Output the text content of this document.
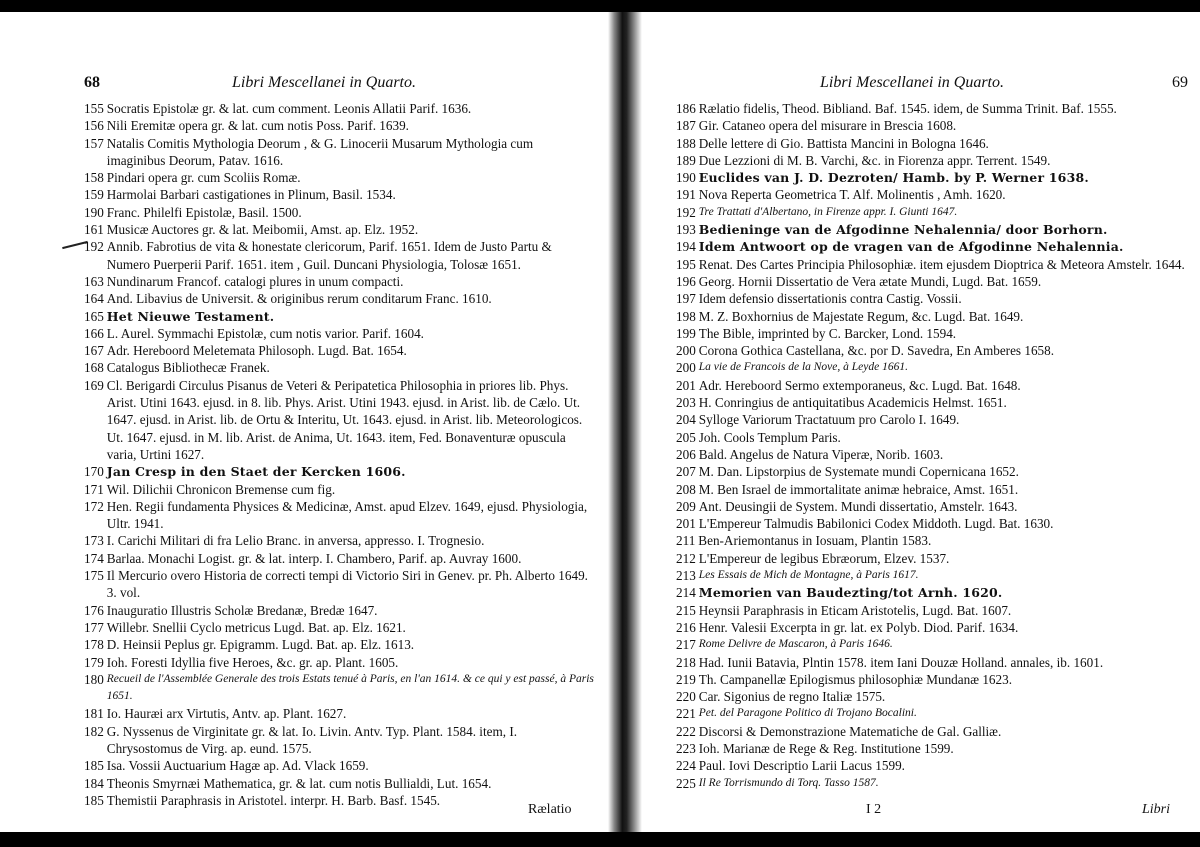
68	Libri Mescellanei in Quarto.
155 Socratis Epistolæ gr. & lat. cum comment. Leonis Allatii Parif. 1636.
156 Nili Eremitæ opera gr. & lat. cum notis Poss. Parif. 1639.
157 Natalis Comitis Mythologia Deorum , & G. Linocerii Musarum Mythologia cum imaginibus Deorum, Patav. 1616.
158 Pindari opera gr. cum Scoliis Romæ.
159 Harmolai Barbari castigationes in Plinum, Basil. 1534.
190 Franc. Philelfi Epistolæ, Basil. 1500.
161 Musicæ Auctores gr. & lat. Meibomii, Amst. ap. Elz. 1952.
192 Annib. Fabrotius de vita & honestate clericorum, Parif. 1651. Idem de Justo Partu & Numero Puerperii Parif. 1651. item , Guil. Duncani Physiologia, Tolosæ 1651.
163 Nundinarum Francof. catalogi plures in unum compacti.
164 And. Libavius de Universit. & originibus rerum conditarum Franc. 1610.
165 Het Nieuwe Testament.
166 L. Aurel. Symmachi Epistolæ, cum notis varior. Parif. 1604.
167 Adr. Hereboord Meletemata Philosoph. Lugd. Bat. 1654.
168 Catalogus Bibliothecæ Franek.
169 Cl. Berigardi Circulus Pisanus de Veteri & Peripatetica Philosophia in priores lib. Phys. Arist. Utini 1643. ejusd. in 8. lib. Phys. Arist. Utini 1943. ejusd. in Arist. lib. de Cælo. Ut. 1647. ejusd. in Arist. lib. de Ortu & Interitu, Ut. 1643. ejusd. in Arist. lib. Meteorologicos. Ut. 1647. ejusd. in M. lib. Arist. de Anima, Ut. 1643. item, Fed. Bonaventuræ opuscula varia, Urtini 1627.
170 Jan Cresp in den Staet der Kercken 1606.
171 Wil. Dilichii Chronicon Bremense cum fig.
172 Hen. Regii fundamenta Physices & Medicinæ, Amst. apud Elzev. 1649, ejusd. Physiologia, Ultr. 1941.
173 I. Carichi Militari di fra Lelio Branc. in anversa, appresso. I. Trognesio.
174 Barlaa. Monachi Logist. gr. & lat. interp. I. Chambero, Parif. ap. Auvray 1600.
175 Il Mercurio overo Historia de correcti tempi di Victorio Siri in Genev. pr. Ph. Alberto 1649. 3. vol.
176 Inauguratio Illustris Scholæ Bredanæ, Bredæ 1647.
177 Willebr. Snellii Cyclo metricus Lugd. Bat. ap. Elz. 1621.
178 D. Heinsii Peplus gr. Epigramm. Lugd. Bat. ap. Elz. 1613.
179 Ioh. Foresti Idyllia five Heroes, &c. gr. ap. Plant. 1605.
180 Recueil de l'Assemblée Generale des trois Estats tenué à Paris, en l'an 1614. & ce qui y est passé, à Paris 1651.
181 Io. Hauræi arx Virtutis, Antv. ap. Plant. 1627.
182 G. Nyssenus de Virginitate gr. & lat. Io. Livin. Antv. Typ. Plant. 1584. item, I. Chrysostomus de Virg. ap. eund. 1575.
185 Isa. Vossii Auctuarium Hagæ ap. Ad. Vlack 1659.
184 Theonis Smyrnæi Mathematica, gr. & lat. cum notis Bullialdi, Lut. 1654.
185 Themistii Paraphrasis in Aristotel. interpr. H. Barb. Basf. 1545.
Rælatio
Libri Mescellanei in Quarto.	69
186 Rælatio fidelis, Theod. Bibliand. Baf. 1545. idem, de Summa Trinit. Baf. 1555.
187 Gir. Cataneo opera del misurare in Brescia 1608.
188 Delle lettere di Gio. Battista Mancini in Bologna 1646.
189 Due Lezzioni di M. B. Varchi, &c. in Fiorenza appr. Terrent. 1549.
190 Euclides van J. D. Dezroten/ Hamb. by P. Werner 1638.
191 Nova Reperta Geometrica T. Alf. Molinentis , Amh. 1620.
192 Tre Trattati d'Albertano, in Firenze appr. I. Giunti 1647.
193 Bedieninge van de Afgodinne Nehalennia/ door Borhorn.
194 Idem Antwoort op de vragen van de Afgodinne Nehalennia.
195 Renat. Des Cartes Principia Philosophiæ. item ejusdem Dioptrica & Meteora Amstelr. 1644.
196 Georg. Hornii Dissertatio de Vera ætate Mundi, Lugd. Bat. 1659.
197 Idem defensio dissertationis contra Castig. Vossii.
198 M. Z. Boxhornius de Majestate Regum, &c. Lugd. Bat. 1649.
199 The Bible, imprinted by C. Barcker, Lond. 1594.
200 Corona Gothica Castellana, &c. por D. Savedra, En Amberes 1658.
200 La vie de Francois de la Nove, à Leyde 1661.
201 Adr. Hereboord Sermo extemporaneus, &c. Lugd. Bat. 1648.
203 H. Conringius de antiquitatibus Academicis Helmst. 1651.
204 Sylloge Variorum Tractatuum pro Carolo I. 1649.
205 Joh. Cools Templum Paris.
206 Bald. Angelus de Natura Viperæ, Norib. 1603.
207 M. Dan. Lipstorpius de Systemate mundi Copernicana 1652.
208 M. Ben Israel de immortalitate animæ hebraice, Amst. 1651.
209 Ant. Deusingii de System. Mundi dissertatio, Amstelr. 1643.
201 L'Empereur Talmudis Babilonici Codex Middoth. Lugd. Bat. 1630.
211 Ben-Ariemontanus in Iosuam, Plantin 1583.
212 L'Empereur de legibus Ebræorum, Elzev. 1537.
213 Les Essais de Mich de Montagne, à Paris 1617.
214 Memorien van Baudezting/tot Arnh. 1620.
215 Heynsii Paraphrasis in Eticam Aristotelis, Lugd. Bat. 1607.
216 Henr. Valesii Excerpta in gr. lat. ex Polyb. Diod. Parif. 1634.
217 Rome Delivre de Mascaron, à Paris 1646.
218 Had. Iunii Batavia, Plntin 1578. item Iani Douzæ Holland. annales, ib. 1601.
219 Th. Campanellæ Epilogismus philosophiæ Mundanæ 1623.
220 Car. Sigonius de regno Italiæ 1575.
221 Pet. del Paragone Politico di Trojano Bocalini.
222 Discorsi & Demonstrazione Matematiche de Gal. Galliæ.
223 Ioh. Marianæ de Rege & Reg. Institutione 1599.
224 Paul. Iovi Descriptio Larii Lacus 1599.
225 Il Re Torrismundo di Torq. Tasso 1587.
I 2	Libri
